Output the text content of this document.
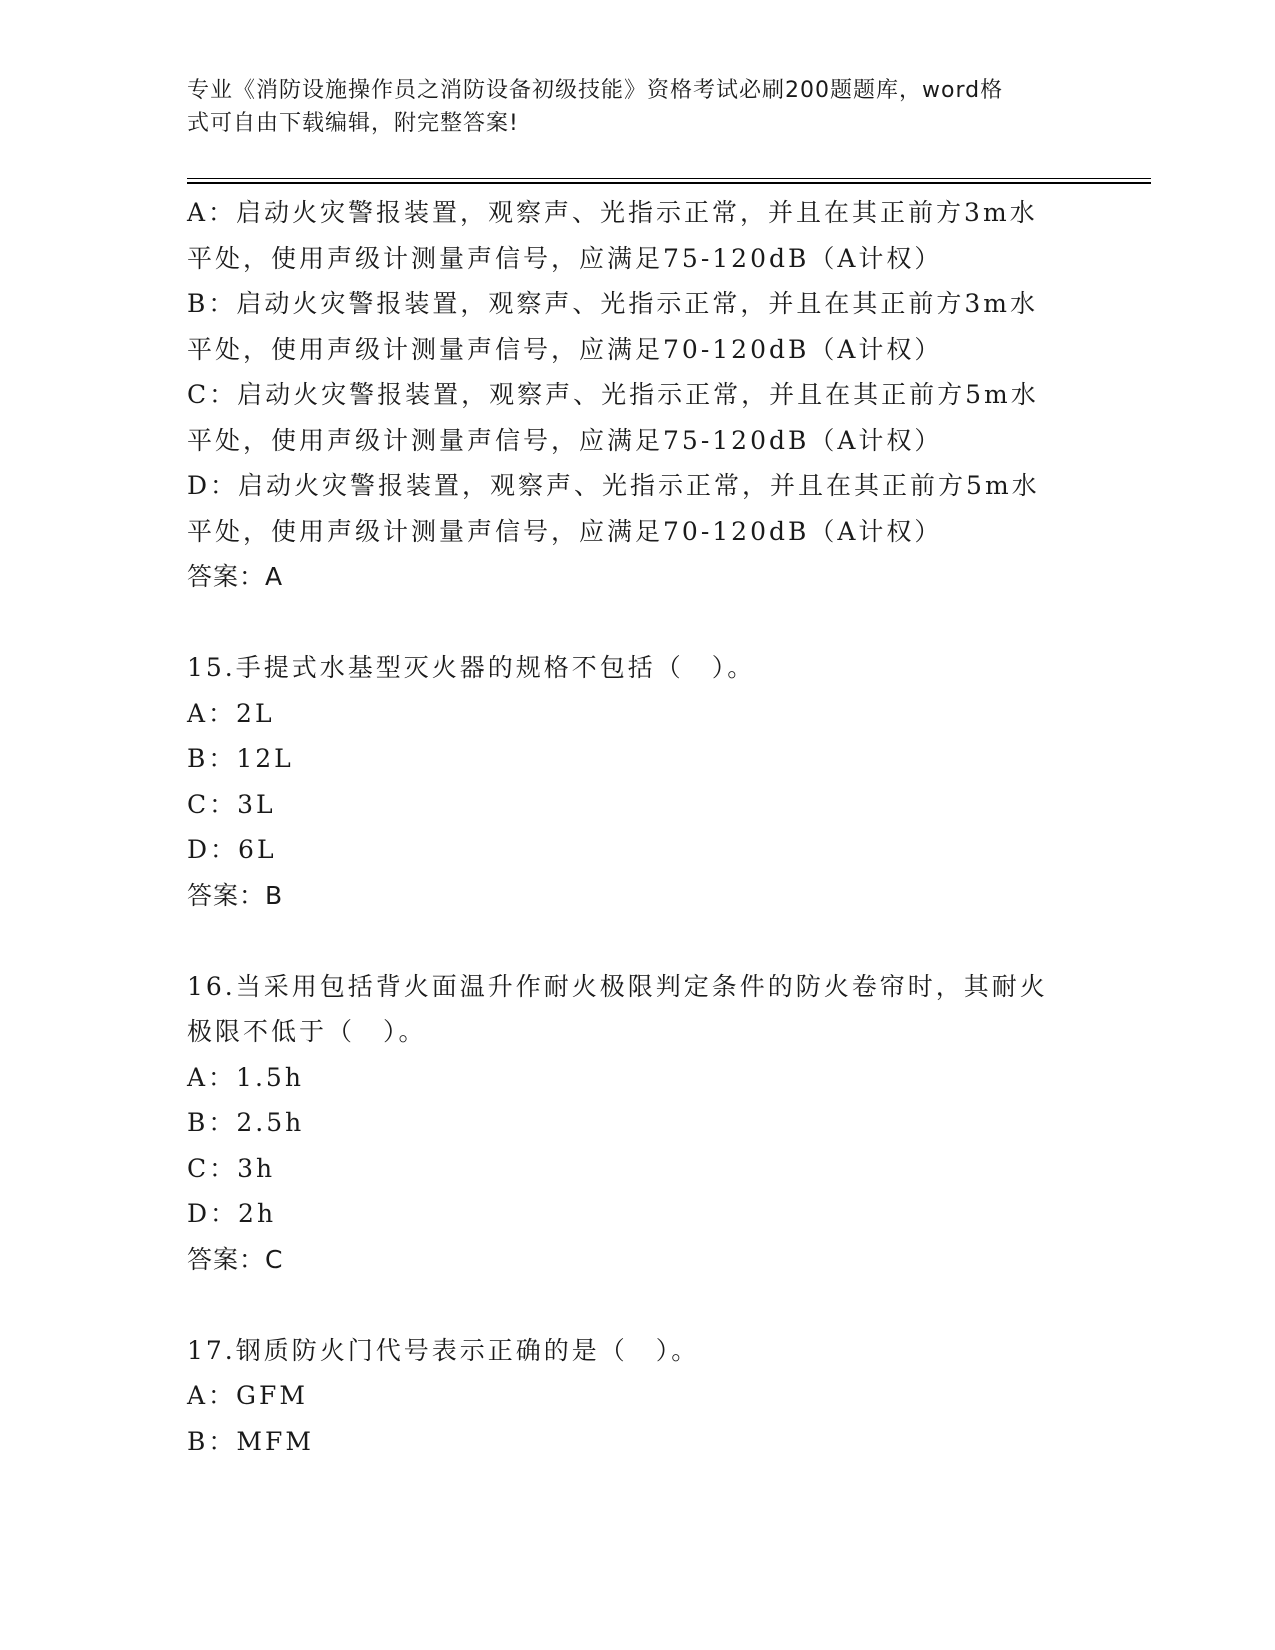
专业《消防设施操作员之消防设备初级技能》资格考试必刷200题题库，word格
式可自由下载编辑，附完整答案!
A：启动火灾警报装置，观察声、光指示正常，并且在其正前方3m水
平处，使用声级计测量声信号，应满足75-120dB（A计权）
B：启动火灾警报装置，观察声、光指示正常，并且在其正前方3m水
平处，使用声级计测量声信号，应满足70-120dB（A计权）
C：启动火灾警报装置，观察声、光指示正常，并且在其正前方5m水
平处，使用声级计测量声信号，应满足75-120dB（A计权）
D：启动火灾警报装置，观察声、光指示正常，并且在其正前方5m水
平处，使用声级计测量声信号，应满足70-120dB（A计权）
答案：A
15.手提式水基型灭火器的规格不包括（　）。
A：2L
B：12L
C：3L
D：6L
答案：B
16.当采用包括背火面温升作耐火极限判定条件的防火卷帘时，其耐火
极限不低于（　）。
A：1.5h
B：2.5h
C：3h
D：2h
答案：C
17.钢质防火门代号表示正确的是（　）。
A：GFM
B：MFM
